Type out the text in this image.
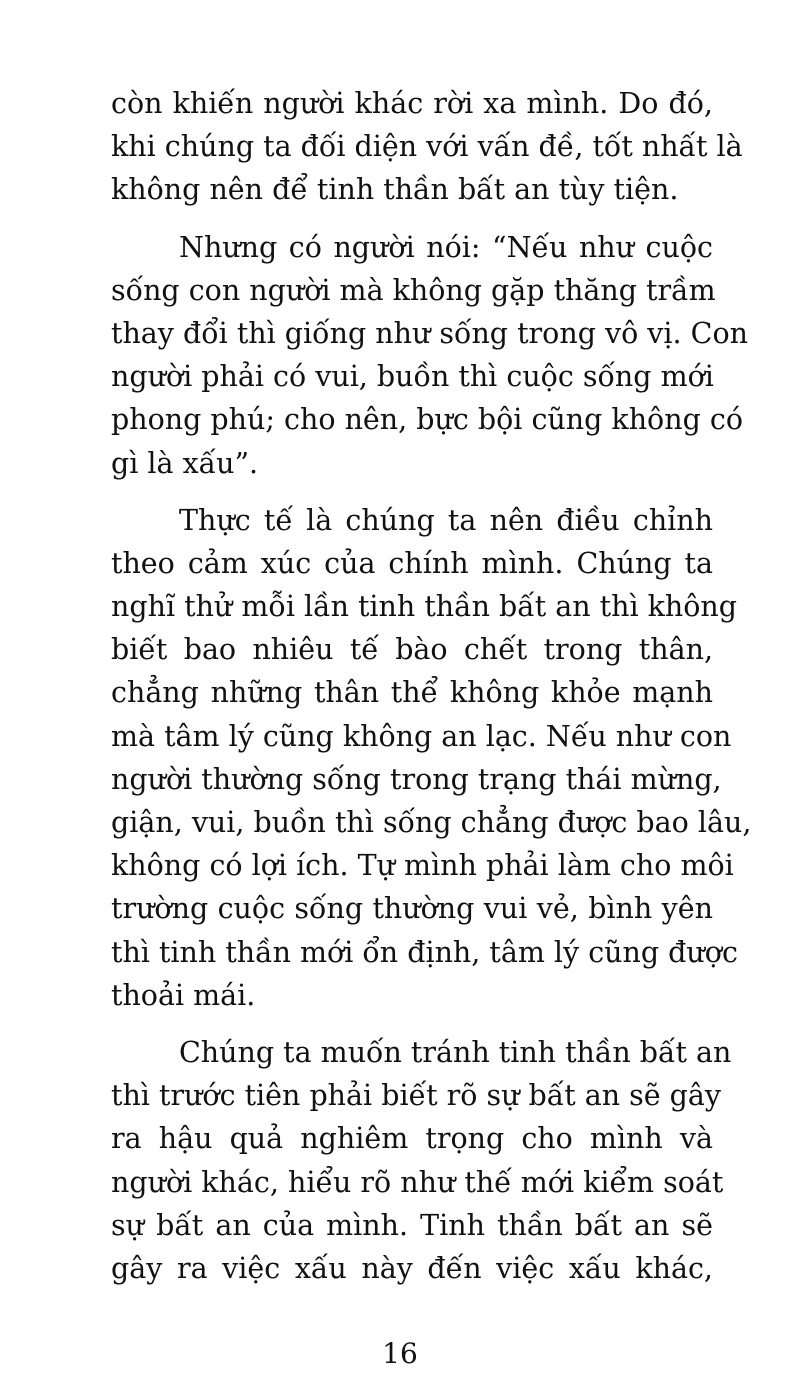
còn khiến người khác rời xa mình. Do đó,
khi chúng ta đối diện với vấn đề, tốt nhất là
không nên để tinh thần bất an tùy tiện.
Nhưng có người nói: “Nếu như cuộc
sống con người mà không gặp thăng trầm
thay đổi thì giống như sống trong vô vị. Con
người phải có vui, buồn thì cuộc sống mới
phong phú; cho nên, bực bội cũng không có
gì là xấu”.
Thực tế là chúng ta nên điều chỉnh
theo cảm xúc của chính mình. Chúng ta
nghĩ thử mỗi lần tinh thần bất an thì không
biết bao nhiêu tế bào chết trong thân,
chẳng những thân thể không khỏe mạnh
mà tâm lý cũng không an lạc. Nếu như con
người thường sống trong trạng thái mừng,
giận, vui, buồn thì sống chẳng được bao lâu,
không có lợi ích. Tự mình phải làm cho môi
trường cuộc sống thường vui vẻ, bình yên
thì tinh thần mới ổn định, tâm lý cũng được
thoải mái.
Chúng ta muốn tránh tinh thần bất an
thì trước tiên phải biết rõ sự bất an sẽ gây
ra hậu quả nghiêm trọng cho mình và
người khác, hiểu rõ như thế mới kiểm soát
sự bất an của mình. Tinh thần bất an sẽ
gây ra việc xấu này đến việc xấu khác,
16
